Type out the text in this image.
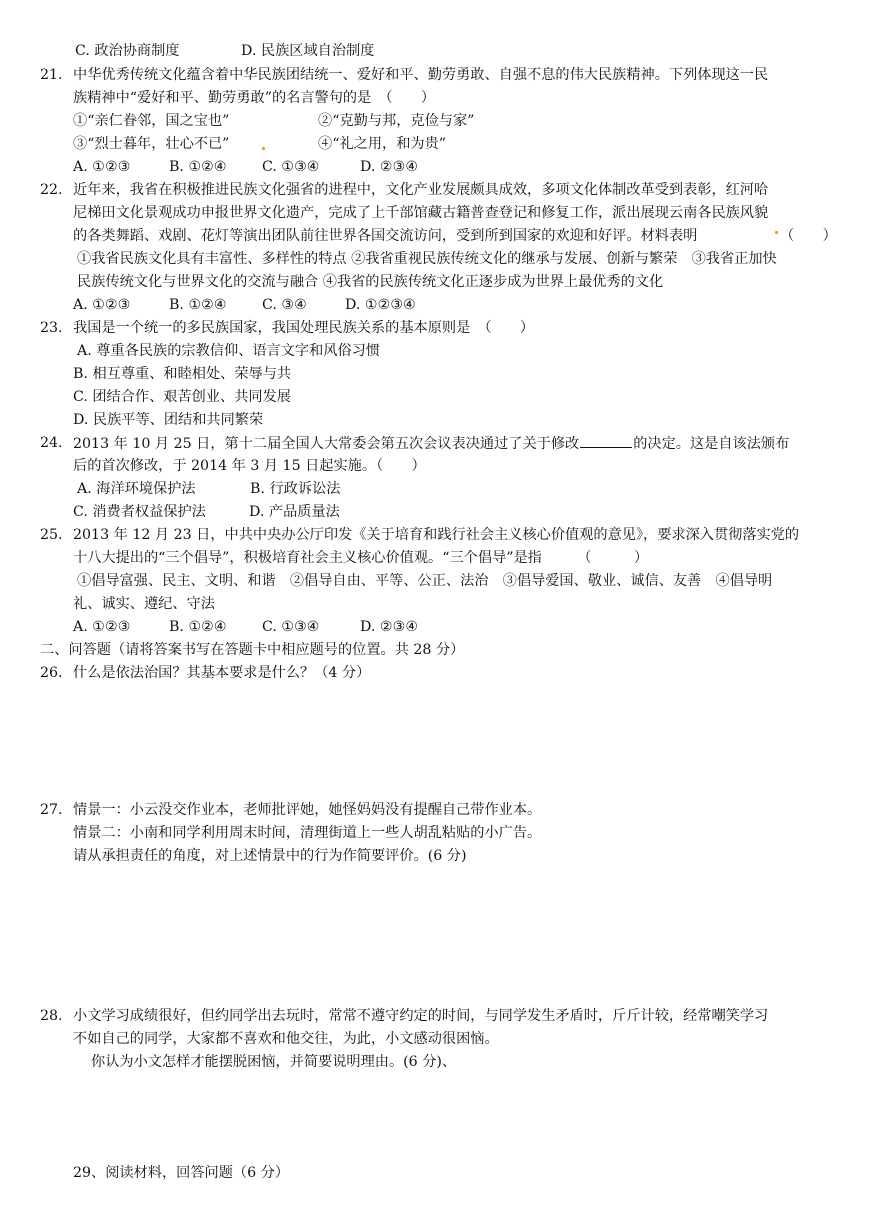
C. 政治协商制度	D. 民族区域自治制度
21. 中华优秀传统文化蕴含着中华民族团结统一、爱好和平、勤劳勇敢、自强不息的伟大民族精神。下列体现这一民
族精神中“爱好和平、勤劳勇敢”的名言警句的是　（　　）
①“亲仁眷邻，国之宝也”	②“克勤与邦，克俭与家”
③“烈士暮年，壮心不已”	④“礼之用，和为贵”
A. ①②③	B. ①②④ C. ①③④	D. ②③④
22. 近年来，我省在积极推进民族文化强省的进程中，文化产业发展颇具成效，多项文化体制改革受到表彰，红河哈
尼梯田文化景观成功申报世界文化遗产，完成了上千部馆藏古籍普查登记和修复工作，派出展现云南各民族风貌
的各类舞蹈、戏剧、花灯等演出团队前往世界各国交流访问，受到所到国家的欢迎和好评。材料表明	（　　）
①我省民族文化具有丰富性、多样性的特点 ②我省重视民族传统文化的继承与发展、创新与繁荣　③我省正加快
民族传统文化与世界文化的交流与融合 ④我省的民族传统文化正逐步成为世界上最优秀的文化
A. ①②③	B. ①②④ C. ③④	D. ①②③④
23. 我国是一个统一的多民族国家，我国处理民族关系的基本原则是　（　　）
A. 尊重各民族的宗教信仰、语言文字和风俗习惯
B. 相互尊重、和睦相处、荣辱与共
C. 团结合作、艰苦创业、共同发展
D. 民族平等、团结和共同繁荣
24. 2013 年 10 月 25 日，第十二届全国人大常委会第五次会议表决通过了关于修改	的决定。这是自该法颁布
后的首次修改，于 2014 年 3 月 15 日起实施。（　　）
A. 海洋环境保护法	B. 行政诉讼法
C. 消费者权益保护法	D. 产品质量法
25. 2013 年 12 月 23 日，中共中央办公厅印发《关于培育和践行社会主义核心价值观的意见》，要求深入贯彻落实党的
十八大提出的“三个倡导”，积极培育社会主义核心价值观。“三个倡导”是指　　　（　　　）
①倡导富强、民主、文明、和谐　②倡导自由、平等、公正、法治　③倡导爱国、敬业、诚信、友善　④倡导明
礼、诚实、遵纪、守法
A. ①②③	B. ①②④ C. ①③④	D. ②③④
二、问答题（请将答案书写在答题卡中相应题号的位置。共 28 分）
26. 什么是依法治国？其基本要求是什么？（4 分）
27. 情景一：小云没交作业本，老师批评她，她怪妈妈没有提醒自己带作业本。
情景二：小南和同学利用周末时间，清理街道上一些人胡乱粘贴的小广告。
请从承担责任的角度，对上述情景中的行为作简要评价。(6 分)
28. 小文学习成绩很好，但约同学出去玩时，常常不遵守约定的时间，与同学发生矛盾时，斤斤计较，经常嘲笑学习
不如自己的同学，大家都不喜欢和他交往，为此，小文感动很困恼。
你认为小文怎样才能摆脱困恼，并简要说明理由。(6 分)、
29、阅读材料，回答问题（6 分）
